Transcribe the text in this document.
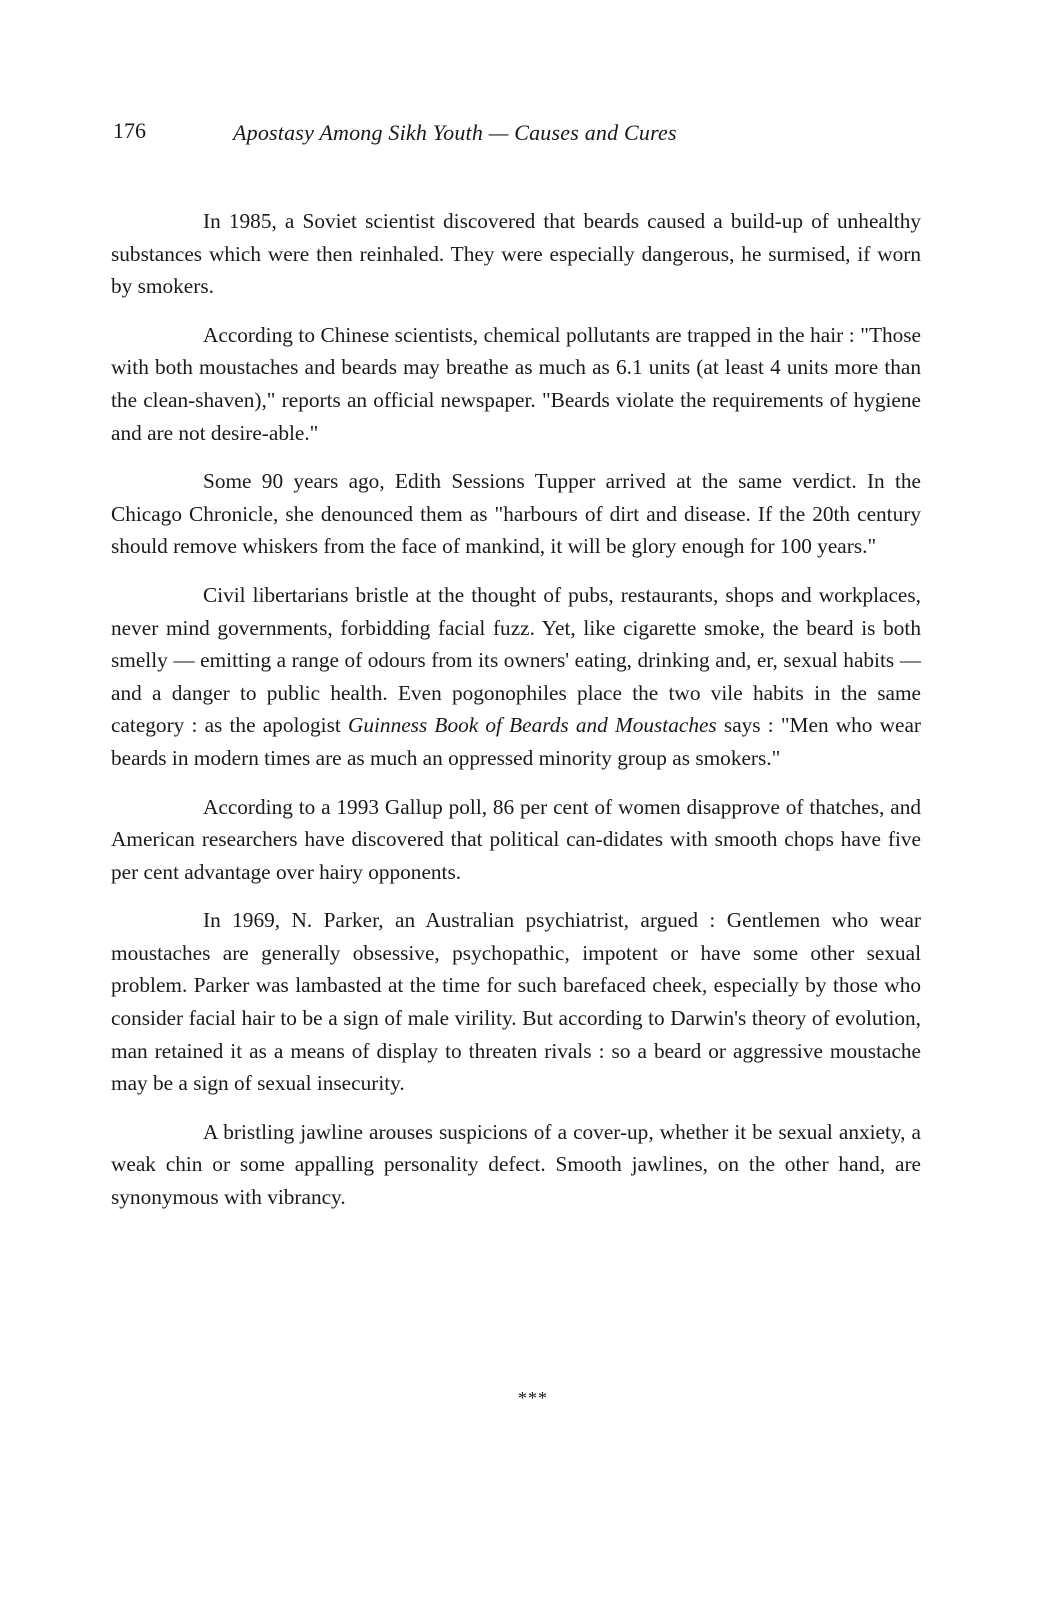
176	Apostasy Among Sikh Youth — Causes and Cures

In 1985, a Soviet scientist discovered that beards caused a build-up of unhealthy substances which were then reinhaled. They were especially dangerous, he surmised, if worn by smokers.

According to Chinese scientists, chemical pollutants are trapped in the hair : "Those with both moustaches and beards may breathe as much as 6.1 units (at least 4 units more than the clean-shaven)," reports an official newspaper. "Beards violate the requirements of hygiene and are not desire-able."

Some 90 years ago, Edith Sessions Tupper arrived at the same verdict. In the Chicago Chronicle, she denounced them as "harbours of dirt and disease. If the 20th century should remove whiskers from the face of mankind, it will be glory enough for 100 years."

Civil libertarians bristle at the thought of pubs, restaurants, shops and workplaces, never mind governments, forbidding facial fuzz. Yet, like cigarette smoke, the beard is both smelly — emitting a range of odours from its owners' eating, drinking and, er, sexual habits — and a danger to public health. Even pogonophiles place the two vile habits in the same category : as the apologist Guinness Book of Beards and Moustaches says : "Men who wear beards in modern times are as much an oppressed minority group as smokers."

According to a 1993 Gallup poll, 86 per cent of women disapprove of thatches, and American researchers have discovered that political can-didates with smooth chops have five per cent advantage over hairy opponents.

In 1969, N. Parker, an Australian psychiatrist, argued : Gentlemen who wear moustaches are generally obsessive, psychopathic, impotent or have some other sexual problem. Parker was lambasted at the time for such barefaced cheek, especially by those who consider facial hair to be a sign of male virility. But according to Darwin's theory of evolution, man retained it as a means of display to threaten rivals : so a beard or aggressive moustache may be a sign of sexual insecurity.

A bristling jawline arouses suspicions of a cover-up, whether it be sexual anxiety, a weak chin or some appalling personality defect. Smooth jawlines, on the other hand, are synonymous with vibrancy.

***
